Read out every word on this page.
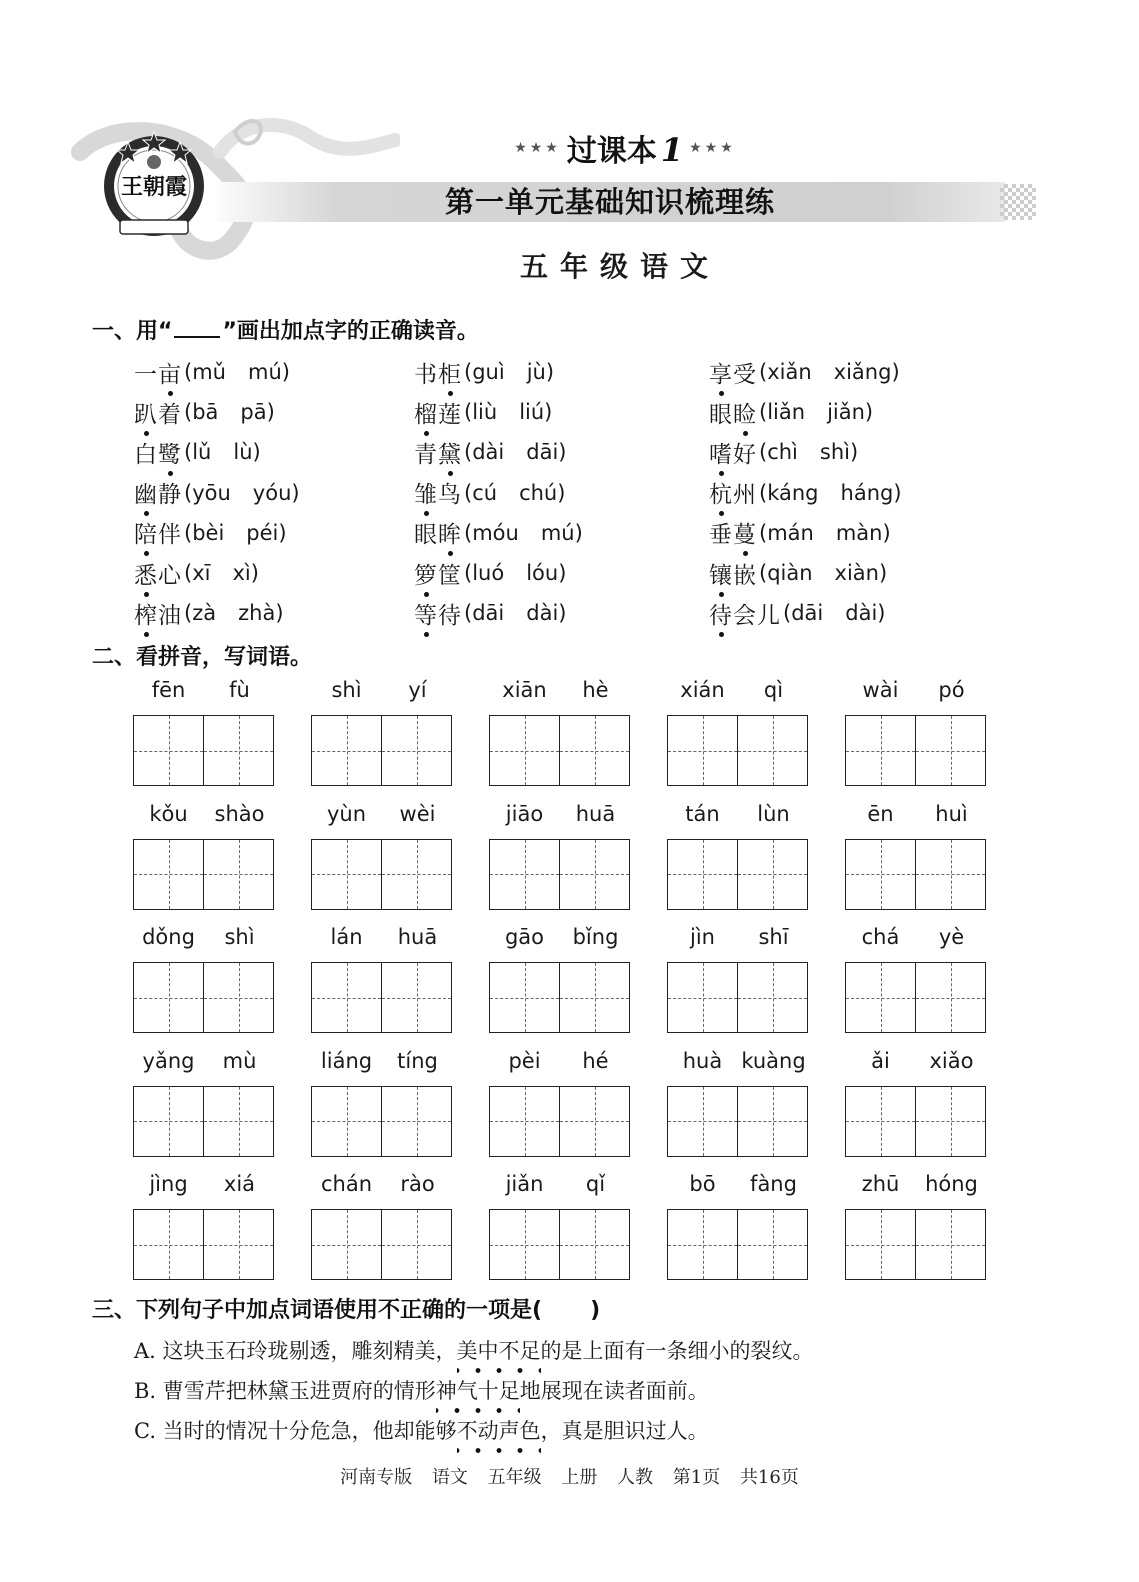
王朝霞
★★★ 过课本 1 ★★★
第一单元基础知识梳理练
五年级语文
一、用“ ”画出加点字的正确读音。
一亩 (mǔ mú)	书柜 (guì jù)	享受 (xiǎn xiǎng)
趴着 (bā pā)	榴莲 (liù liú)	眼睑 (liǎn jiǎn)
白鹭 (lǔ lù)	青黛 (dài dāi)	嗜好 (chì shì)
幽静 (yōu yóu)	雏鸟 (cú chú)	杭州 (káng háng)
陪伴 (bèi péi)	眼眸 (móu mú)	垂蔓 (mán màn)
悉心 (xī xì)	箩筐 (luó lóu)	镶嵌 (qiàn xiàn)
榨油 (zà zhà)	等待 (dāi dài)	待会儿 (dāi dài)
二、看拼音，写词语。
fēn	fù	shì	yí	xiān	hè	xián	qì	wài	pó
kǒu	shào	yùn	wèi	jiāo	huā	tán	lùn	ēn	huì
dǒng	shì	lán	huā	gāo	bǐng	jìn	shī	chá	yè
yǎng	mù	liáng	tíng	pèi	hé	huà kuàng	ǎi	xiǎo
jìng	xiá	chán	rào	jiǎn	qǐ	bō	fàng	zhū	hóng
三、下列句子中加点词语使用不正确的一项是( )
A. 这块玉石玲珑剔透，雕刻精美，美中不足的是上面有一条细小的裂纹。
B. 曹雪芹把林黛玉进贾府的情形神气十足地展现在读者面前。
C. 当时的情况十分危急，他却能够不动声色，真是胆识过人。
河南专版 语文 五年级 上册 人教 第1页 共16页
